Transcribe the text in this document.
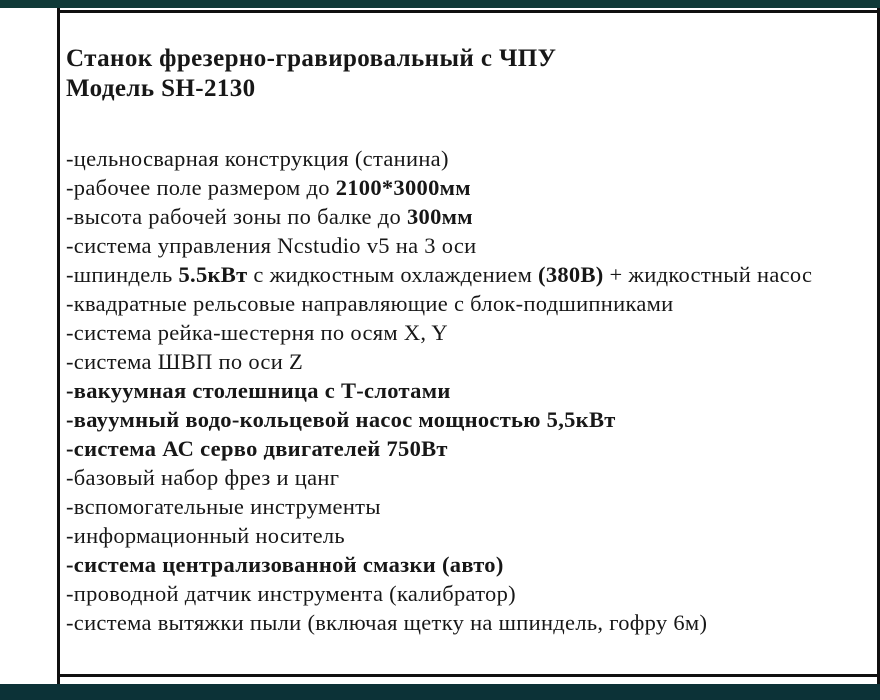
Станок фрезерно-гравировальный с ЧПУ
Модель SH-2130
-цельносварная конструкция (станина)
-рабочее поле размером до 2100*3000мм
-высота рабочей зоны по балке до 300мм
-система управления Ncstudio v5 на 3 оси
-шпиндель 5.5кВт с жидкостным охлаждением (380В) + жидкостный насос
-квадратные рельсовые направляющие с блок-подшипниками
-система рейка-шестерня по осям X, Y
-система ШВП по оси Z
-вакуумная столешница с Т-слотами
-вауумный водо-кольцевой насос мощностью 5,5кВт
-система АС серво двигателей 750Вт
-базовый набор фрез и цанг
-вспомогательные инструменты
-информационный носитель
-система централизованной смазки (авто)
-проводной датчик инструмента (калибратор)
-система вытяжки пыли (включая щетку на шпиндель, гофру 6м)
